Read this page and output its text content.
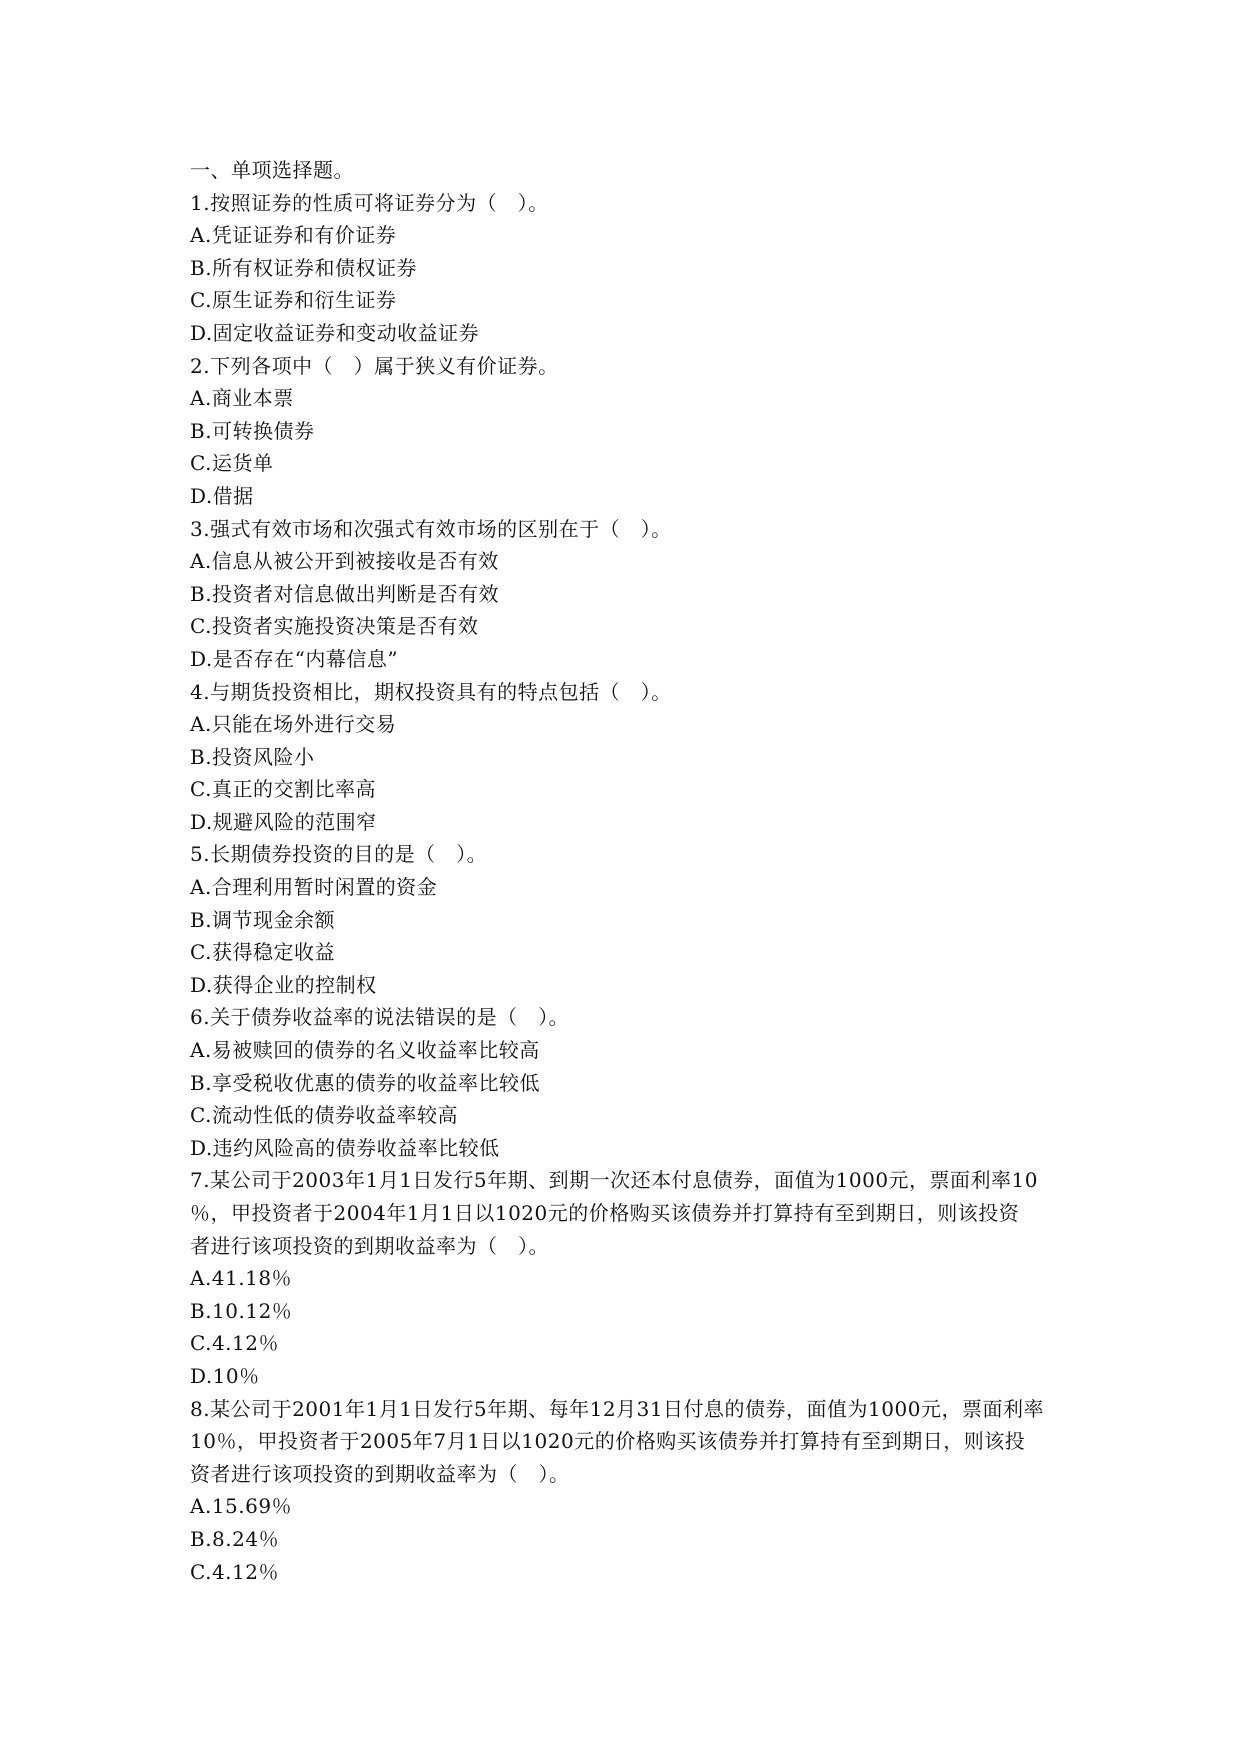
一、单项选择题。
1.按照证券的性质可将证券分为（　）。
A.凭证证券和有价证券
B.所有权证券和债权证券
C.原生证券和衍生证券
D.固定收益证券和变动收益证券
2.下列各项中（　）属于狭义有价证券。
A.商业本票
B.可转换债券
C.运货单
D.借据
3.强式有效市场和次强式有效市场的区别在于（　）。
A.信息从被公开到被接收是否有效
B.投资者对信息做出判断是否有效
C.投资者实施投资决策是否有效
D.是否存在“内幕信息”
4.与期货投资相比，期权投资具有的特点包括（　）。
A.只能在场外进行交易
B.投资风险小
C.真正的交割比率高
D.规避风险的范围窄
5.长期债券投资的目的是（　）。
A.合理利用暂时闲置的资金
B.调节现金余额
C.获得稳定收益
D.获得企业的控制权
6.关于债券收益率的说法错误的是（　）。
A.易被赎回的债券的名义收益率比较高
B.享受税收优惠的债券的收益率比较低
C.流动性低的债券收益率较高
D.违约风险高的债券收益率比较低
7.某公司于2003年1月1日发行5年期、到期一次还本付息债券，面值为1000元，票面利率10
％，甲投资者于2004年1月1日以1020元的价格购买该债券并打算持有至到期日，则该投资
者进行该项投资的到期收益率为（　）。
A.41.18％
B.10.12％
C.4.12％
D.10％
8.某公司于2001年1月1日发行5年期、每年12月31日付息的债券，面值为1000元，票面利率
10％，甲投资者于2005年7月1日以1020元的价格购买该债券并打算持有至到期日，则该投
资者进行该项投资的到期收益率为（　）。
A.15.69％
B.8.24％
C.4.12％
